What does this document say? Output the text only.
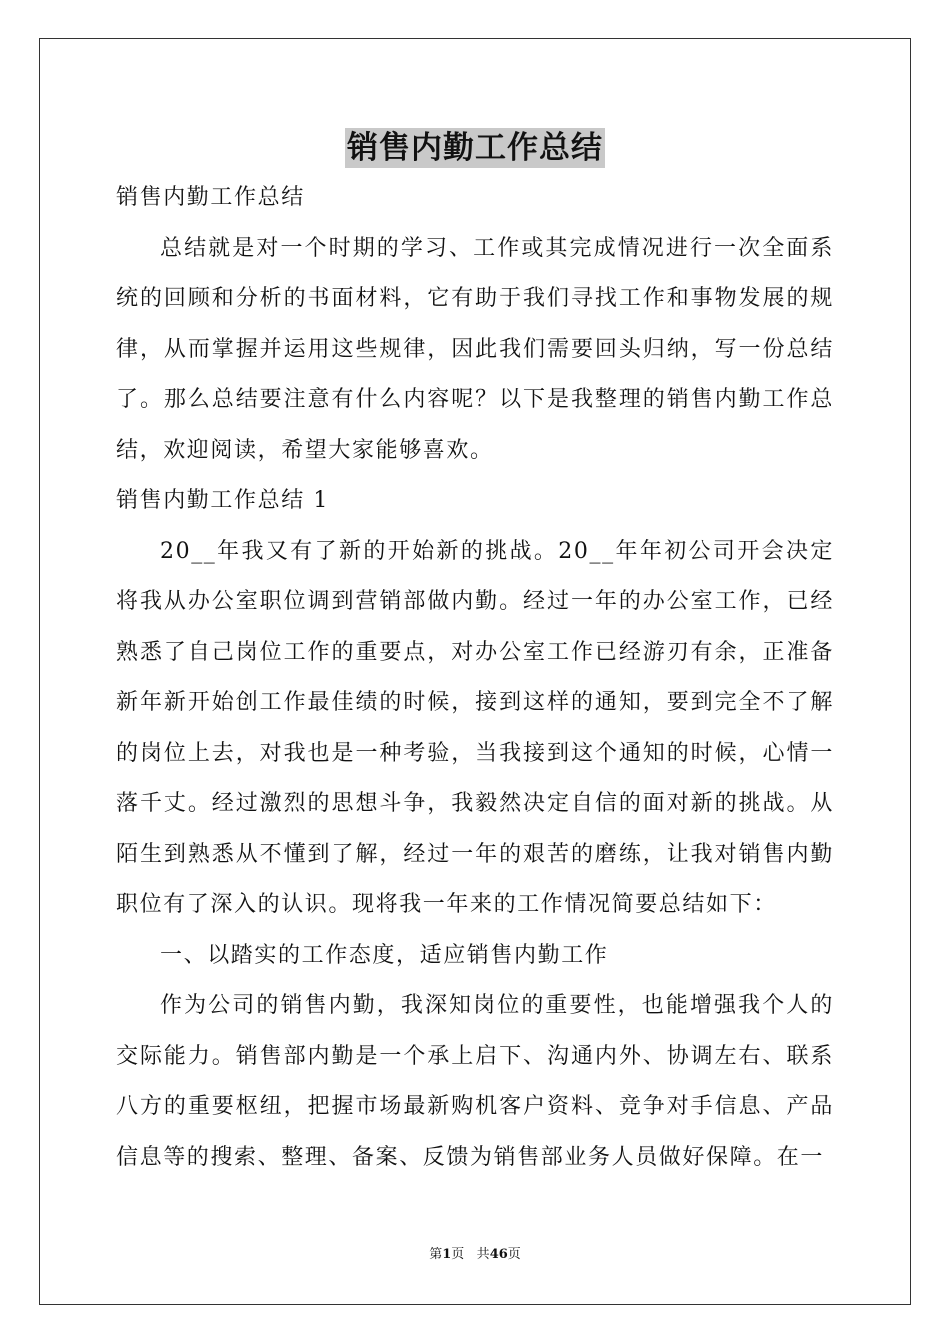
销售内勤工作总结

销售内勤工作总结

总结就是对一个时期的学习、工作或其完成情况进行一次全面系统的回顾和分析的书面材料，它有助于我们寻找工作和事物发展的规律，从而掌握并运用这些规律，因此我们需要回头归纳，写一份总结了。那么总结要注意有什么内容呢？以下是我整理的销售内勤工作总结，欢迎阅读，希望大家能够喜欢。

销售内勤工作总结 1

20__年我又有了新的开始新的挑战。20__年年初公司开会决定将我从办公室职位调到营销部做内勤。经过一年的办公室工作，已经熟悉了自己岗位工作的重要点，对办公室工作已经游刃有余，正准备新年新开始创工作最佳绩的时候，接到这样的通知，要到完全不了解的岗位上去，对我也是一种考验，当我接到这个通知的时候，心情一落千丈。经过激烈的思想斗争，我毅然决定自信的面对新的挑战。从陌生到熟悉从不懂到了解，经过一年的艰苦的磨练，让我对销售内勤职位有了深入的认识。现将我一年来的工作情况简要总结如下：

一、以踏实的工作态度，适应销售内勤工作

作为公司的销售内勤，我深知岗位的重要性，也能增强我个人的交际能力。销售部内勤是一个承上启下、沟通内外、协调左右、联系八方的重要枢纽，把握市场最新购机客户资料、竞争对手信息、产品信息等的搜索、整理、备案、反馈为销售部业务人员做好保障。在一

第1页 共46页
